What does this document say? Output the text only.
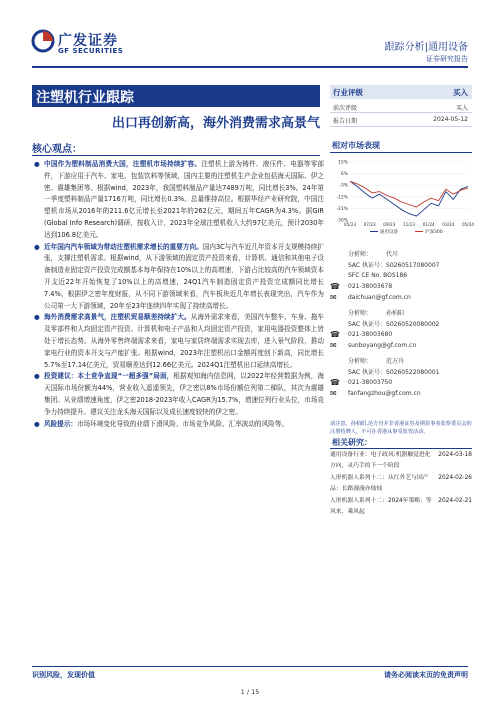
广发证券
GF SECURITIES	跟踪分析|通用设备
证券研究报告
注塑机行业跟踪
出口再创新高，海外消费需求高景气
核心观点：
● 中国作为塑料制品消费大国，注塑机市场持续扩容。注塑机上游为铸件、液压件、电器等零部件，下游应用于汽车、家电、包装饮料等领域，国内主要的注塑机生产企业包括海天国际、伊之密、震雄集团等。根据wind，2023年，我国塑料制品产量达7489万吨，同比增长3%。24年第一季度塑料制品产量1716万吨，同比增长0.3%。总量维持高位。根据华经产业研究院，中国注塑机市场从2016年的211.6亿元增长至2021年的262亿元，期间五年CAGR为4.3%。据GIR (Global Info Research)调研，按收入计，2023年全球注塑机收入大约97亿美元，预计2030年达到106.8亿美元。
● 近年国内汽车领域为带动注塑机需求增长的重要方向。国内3C与汽车近几年资本开支规模持续扩张，支撑注塑机需求。根据wind，从下游领域的固定资产投资来看，计算机、通信和其他电子设备制造业固定资产投资完成额基本每年保持在10%以上的高增速，下游占比较高的汽车领域资本开支近22年开始恢复了10%以上的高增速，24Q1汽车制造固定资产投资完成额同比增长7.4%。根据伊之密年度财报，从不同下游领域来看，汽车板块近几年增长表现突出，汽车作为公司第一大下游领域，20年至23年连续四年实现了持续高增长。
● 海外消费需求高景气，注塑机贸易顺差持续扩大。从海外需求来看，美国汽车整车、车身、拖车及零部件和人均固定资产投资、计算机和电子产品和人均固定资产投资，家用电器投资整体上皆处于增长态势。从海外零售终端需求来看，家电与家居终端需求实现去库，进入景气阶段，推动家电行业的资本开支与产能扩张。根据wind，2023年注塑机出口金额再度创下新高，同比增长5.7%至17.14亿美元，贸易顺差达到12.66亿美元。2024Q1注塑机出口延续高增长。
● 投资建议：本土竞争直现“一超多强”局面，根据观知海内信息网，以2022年经营数据为例，海天国际市场份额为44%，营业收入遥遥领先，伊之密以8%市场份额位列第二梯队，其次为震雄集团。从业绩增速角度，伊之密2018-2023年收入CAGR为15.7%，增速位列行业头位，市场竞争力持续提升。建议关注龙头海天国际以及成长速度较快的伊之密。
● 风险提示：市场环境变化导致的业绩下滑风险、市场竞争风险、汇率波动的风险等。
行业评级	买入
前次评级	买入
报告日期	2024-05-12
相对市场表现
15%
6%
-3%
-12%
-21%
-30%
05/23 07/23 09/23 11/23 01/24 03/24 05/24
通用设备	沪深300
分析师： 代川
SAC 执证号：S0260517080007
SFC CE No. BOS186
☎	021-38003678
✉	daichuan@gf.com.cn
分析师： 孙柏阳
SAC 执证号：S0260520080002
☎	021-38003680
✉	sunboyang@gf.com.cn
分析师： 范方舟
SAC 执证号：S0260522080001
☎	021-38003750
✉	fanfangzhou@gf.com.cn
请注意，孙柏阳,范方舟并非香港证券及期货事务监察委员会的注册持牌人，不可在香港从事受监管活动。
相关研究：
通用设备行业：电子政风:机器触觉进化方向，灵巧手的下一个阶段
2024-03-18
人形机器人系列十二：从红外艺与国产品：长路漫漫亦灿灿
2024-02-26
人形机器人系列十二：2024年策略：等风来，乘风起
2024-02-21
识别风险，发现价值	请务必阅读末页的免责声明
1 / 15
